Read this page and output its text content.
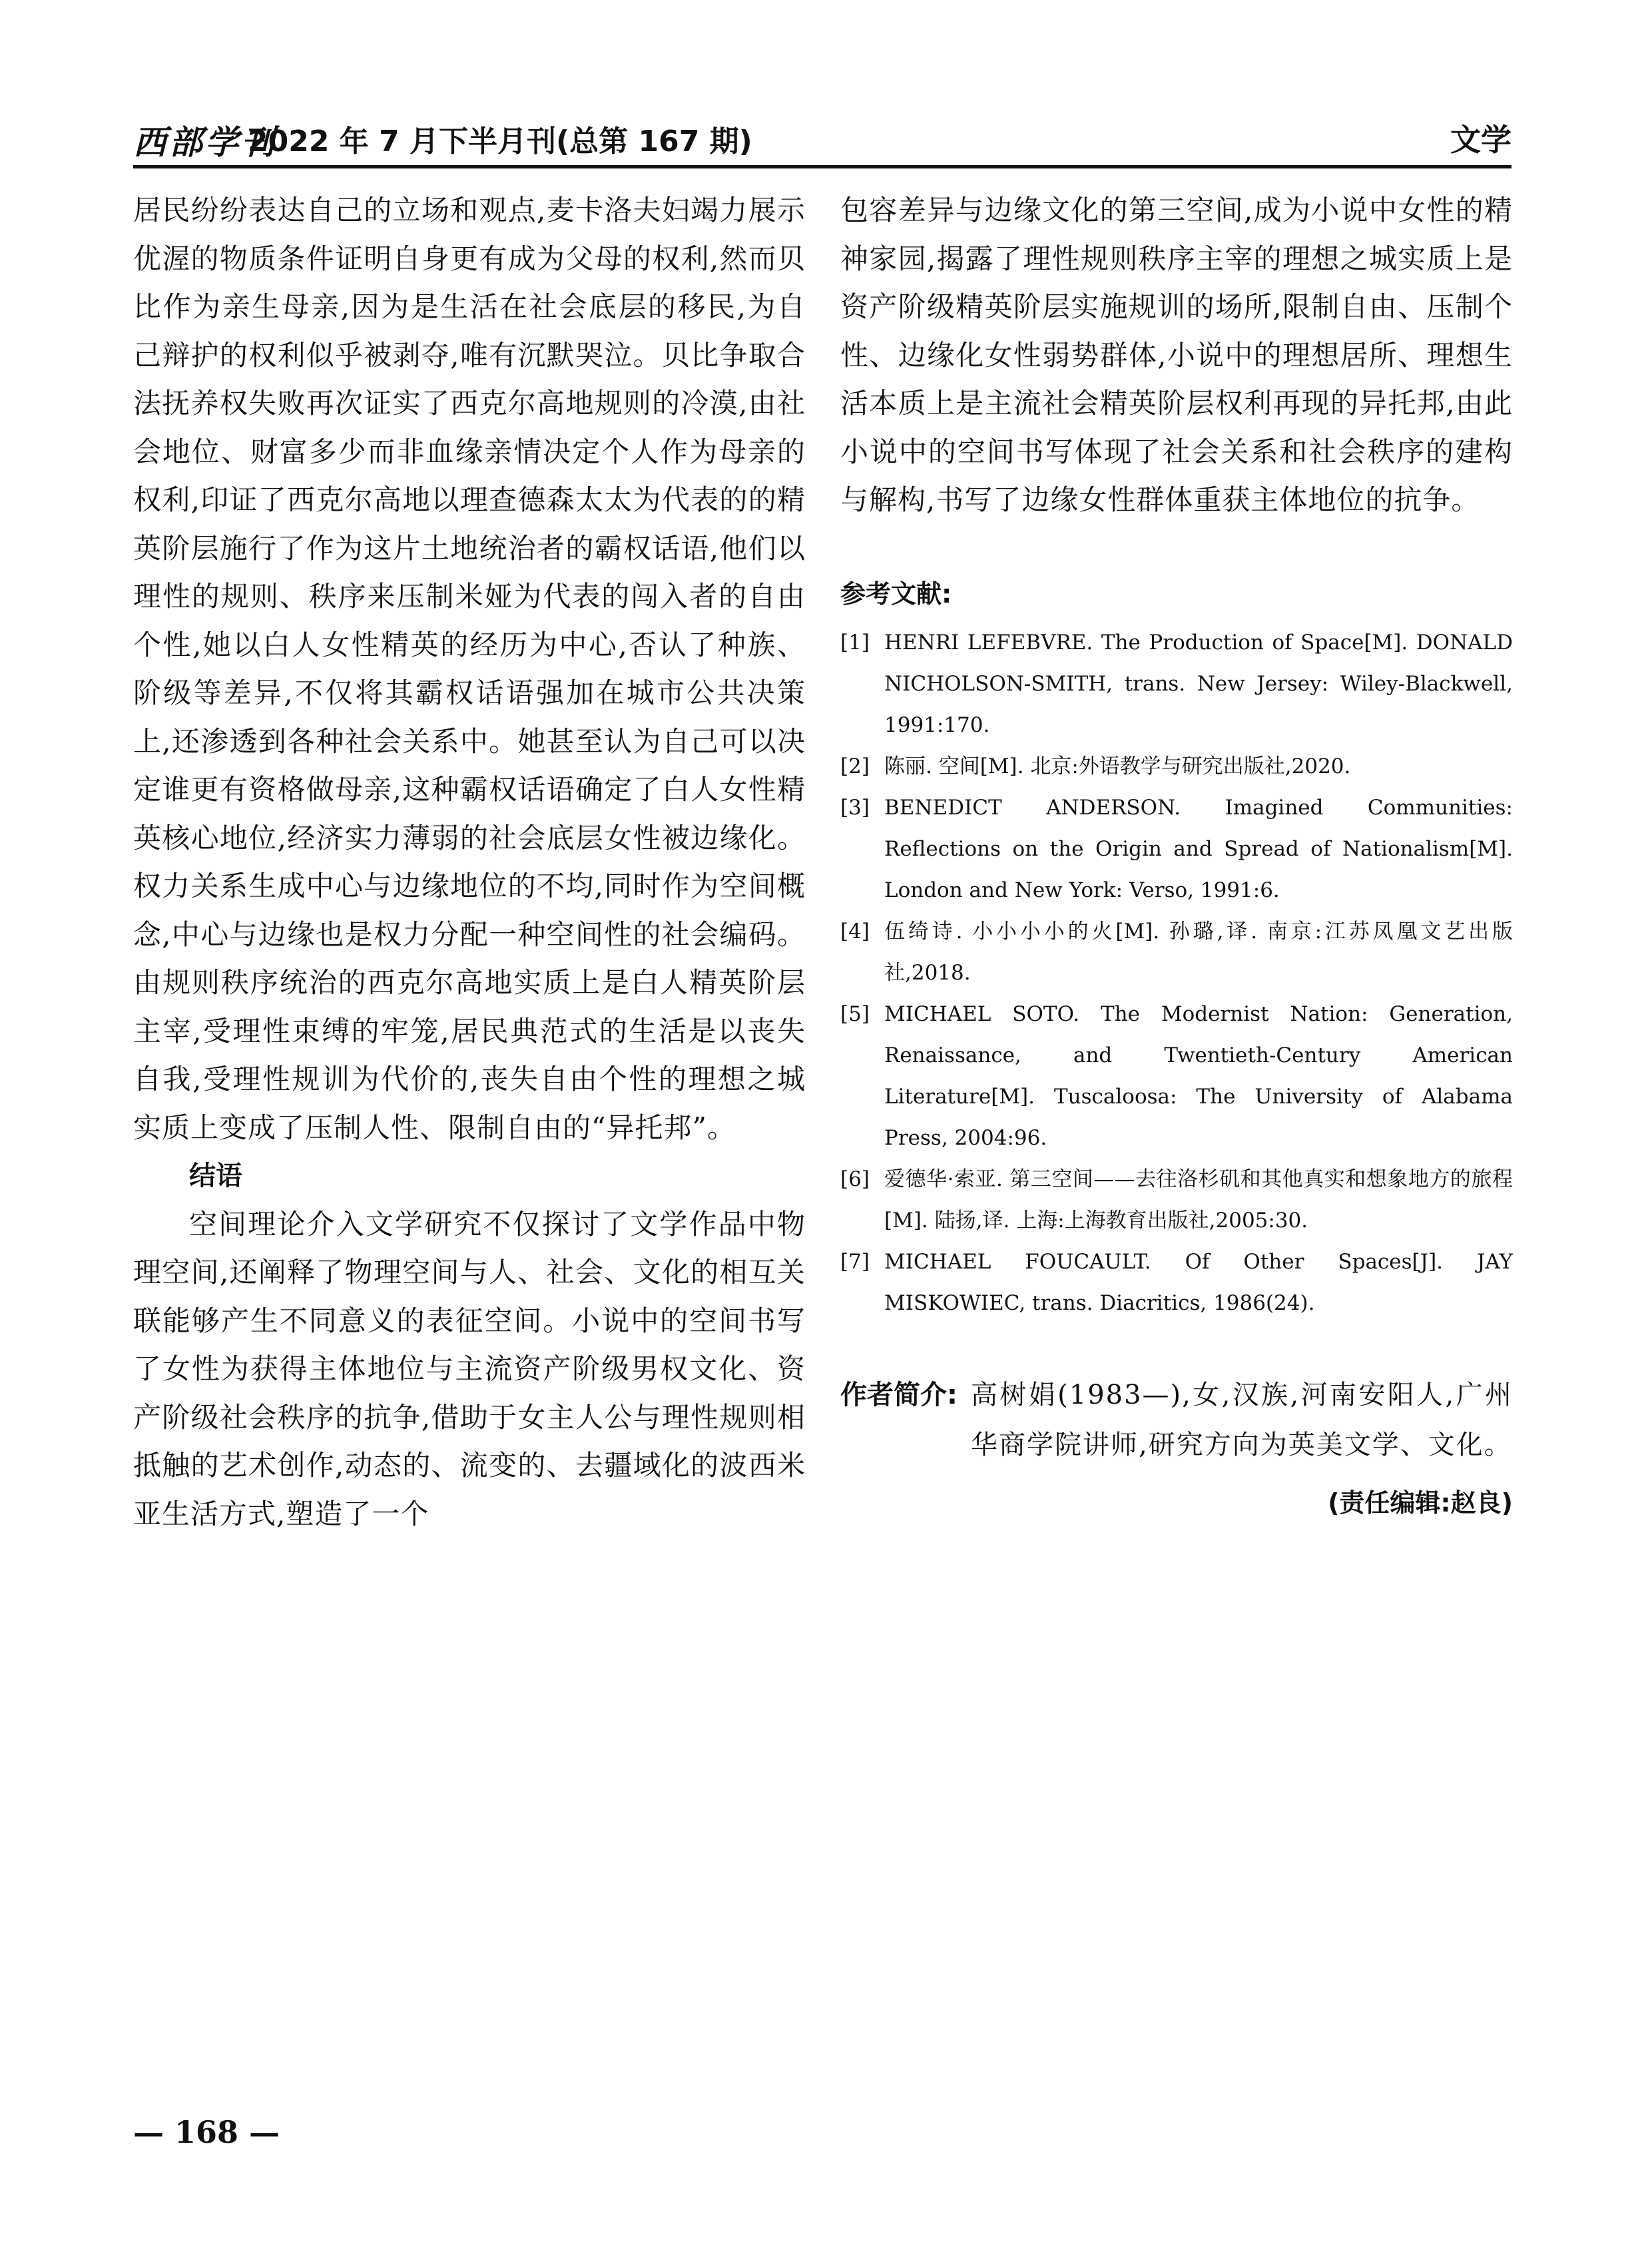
西部学刊
2022 年 7 月下半月刊(总第 167 期)	文学

居民纷纷表达自己的立场和观点,麦卡洛夫妇竭力展示优渥的物质条件证明自身更有成为父母的权利,然而贝比作为亲生母亲,因为是生活在社会底层的移民,为自己辩护的权利似乎被剥夺,唯有沉默哭泣。贝比争取合法抚养权失败再次证实了西克尔高地规则的冷漠,由社会地位、财富多少而非血缘亲情决定个人作为母亲的权利,印证了西克尔高地以理查德森太太为代表的的精英阶层施行了作为这片土地统治者的霸权话语,他们以理性的规则、秩序来压制米娅为代表的闯入者的自由个性,她以白人女性精英的经历为中心,否认了种族、阶级等差异,不仅将其霸权话语强加在城市公共决策上,还渗透到各种社会关系中。她甚至认为自己可以决定谁更有资格做母亲,这种霸权话语确定了白人女性精英核心地位,经济实力薄弱的社会底层女性被边缘化。权力关系生成中心与边缘地位的不均,同时作为空间概念,中心与边缘也是权力分配一种空间性的社会编码。由规则秩序统治的西克尔高地实质上是白人精英阶层主宰,受理性束缚的牢笼,居民典范式的生活是以丧失自我,受理性规训为代价的,丧失自由个性的理想之城实质上变成了压制人性、限制自由的“异托邦”。

结语

空间理论介入文学研究不仅探讨了文学作品中物理空间,还阐释了物理空间与人、社会、文化的相互关联能够产生不同意义的表征空间。小说中的空间书写了女性为获得主体地位与主流资产阶级男权文化、资产阶级社会秩序的抗争,借助于女主人公与理性规则相抵触的艺术创作,动态的、流变的、去疆域化的波西米亚生活方式,塑造了一个

包容差异与边缘文化的第三空间,成为小说中女性的精神家园,揭露了理性规则秩序主宰的理想之城实质上是资产阶级精英阶层实施规训的场所,限制自由、压制个性、边缘化女性弱势群体,小说中的理想居所、理想生活本质上是主流社会精英阶层权利再现的异托邦,由此小说中的空间书写体现了社会关系和社会秩序的建构与解构,书写了边缘女性群体重获主体地位的抗争。

参考文献:
[1] HENRI LEFEBVRE. The Production of Space[M]. DONALD NICHOLSON-SMITH, trans. New Jersey: Wiley-Blackwell, 1991:170.
[2] 陈丽. 空间[M]. 北京:外语教学与研究出版社,2020.
[3] BENEDICT ANDERSON. Imagined Communities: Reflections on the Origin and Spread of Nationalism[M]. London and New York: Verso, 1991:6.
[4] 伍绮诗. 小小小小的火[M]. 孙璐,译. 南京:江苏凤凰文艺出版社,2018.
[5] MICHAEL SOTO. The Modernist Nation: Generation, Renaissance, and Twentieth-Century American Literature[M]. Tuscaloosa: The University of Alabama Press, 2004:96.
[6] 爱德华·索亚. 第三空间——去往洛杉矶和其他真实和想象地方的旅程[M]. 陆扬,译. 上海:上海教育出版社,2005:30.
[7] MICHAEL FOUCAULT. Of Other Spaces[J]. JAY MISKOWIEC, trans. Diacritics, 1986(24).
作者简介: 高树娟(1983—),女,汉族,河南安阳人,广州华商学院讲师,研究方向为英美文学、文化。
(责任编辑:赵良)
— 168 —
